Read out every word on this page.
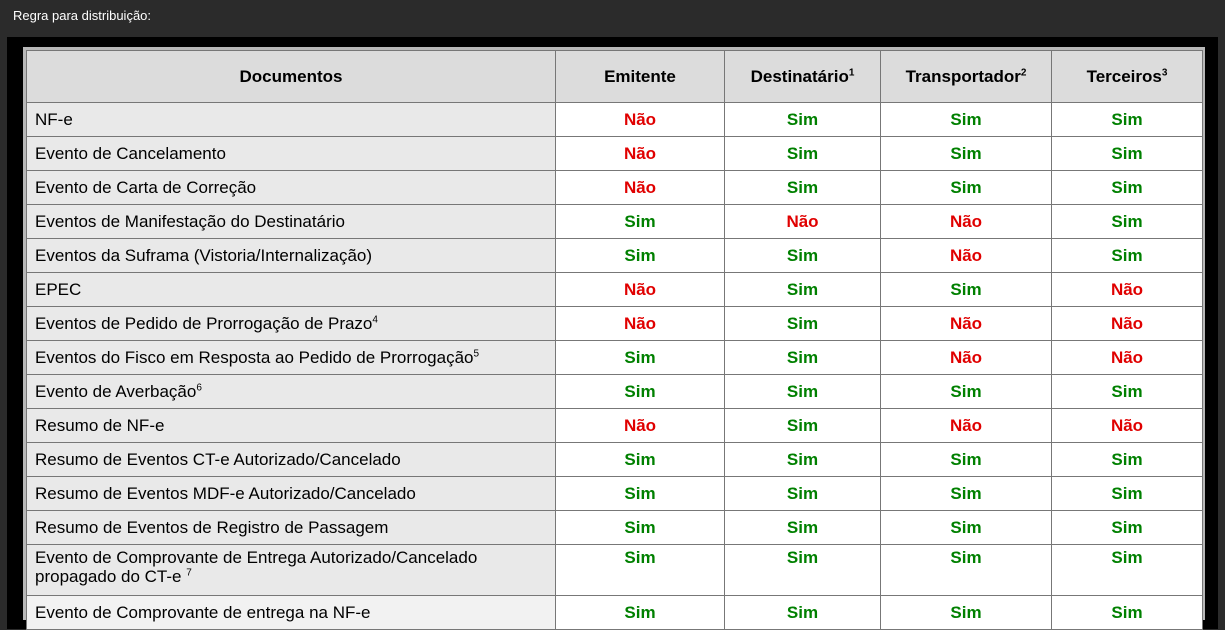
Regra para distribuição:
Documentos	Emitente	Destinatário$^1$	Transportador$^2$	Terceiros$^3$
NF-e	Não	Sim	Sim	Sim
Evento de Cancelamento	Não	Sim	Sim	Sim
Evento de Carta de Correção	Não	Sim	Sim	Sim
Eventos de Manifestação do Destinatário	Sim	Não	Não	Sim
Eventos da Suframa (Vistoria/Internalização)	Sim	Sim	Não	Sim
EPEC	Não	Sim	Sim	Não
Eventos de Pedido de Prorrogação de Prazo$^4$	Não	Sim	Não	Não
Eventos do Fisco em Resposta ao Pedido de Prorrogação$^5$	Sim	Sim	Não	Não
Evento de Averbação$^6$	Sim	Sim	Sim	Sim
Resumo de NF-e	Não	Sim	Não	Não
Resumo de Eventos CT-e Autorizado/Cancelado	Sim	Sim	Sim	Sim
Resumo de Eventos MDF-e Autorizado/Cancelado	Sim	Sim	Sim	Sim
Resumo de Eventos de Registro de Passagem	Sim	Sim	Sim	Sim
Evento de Comprovante de Entrega Autorizado/Cancelado propagado do CT-e $^7$	Sim	Sim	Sim	Sim
Evento de Comprovante de entrega na NF-e	Sim	Sim	Sim	Sim
